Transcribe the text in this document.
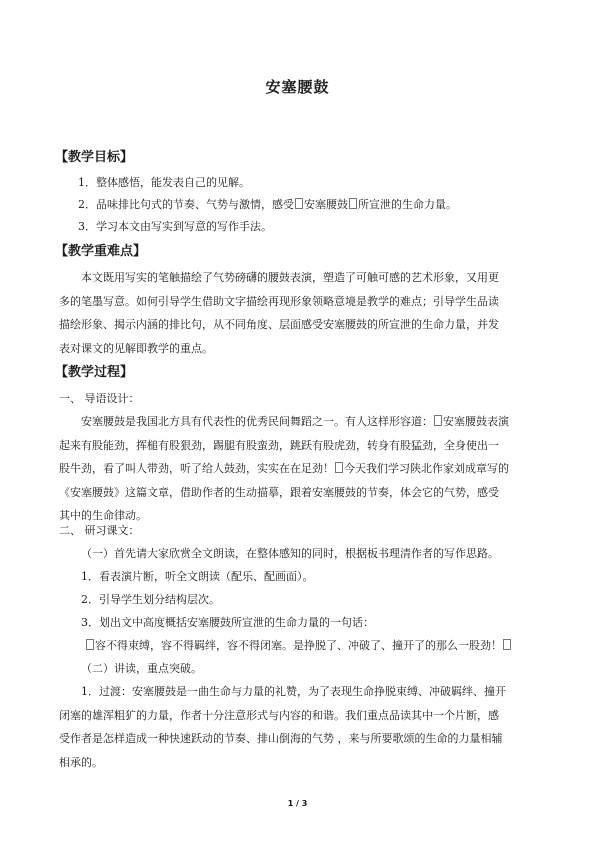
安塞腰鼓
【教学目标】
1．整体感悟，能发表自己的见解。
2．品味排比句式的节奏、气势与激情，感受 安塞腰鼓 所宣泄的生命力量。
3．学习本文由写实到写意的写作手法。
【教学重难点】
本文既用写实的笔触描绘了气势磅礴的腰鼓表演，塑造了可触可感的艺术形象，又用更
多的笔墨写意。如何引导学生借助文字描绘再现形象领略意境是教学的难点；引导学生品读
描绘形象、揭示内涵的排比句，从不同角度、层面感受安塞腰鼓的所宣泄的生命力量，并发
表对课文的见解即教学的重点。
【教学过程】
一、 导语设计：
安塞腰鼓是我国北方具有代表性的优秀民间舞蹈之一。有人这样形容道： 安塞腰鼓表演
起来有股能劲，挥槌有股狠劲，踢腿有股蛮劲，跳跃有股虎劲，转身有股猛劲，全身使出一
股牛劲，看了叫人带劲，听了给人鼓劲，实实在在足劲！ 今天我们学习陕北作家刘成章写的
《安塞腰鼓》这篇文章，借助作者的生动描摹，跟着安塞腰鼓的节奏，体会它的气势，感受
其中的生命律动。
二、 研习课文：
（一）首先请大家欣赏全文朗读，在整体感知的同时，根据板书理清作者的写作思路。
1．看表演片断，听全文朗读（配乐、配画面）。
2．引导学生划分结构层次。
3．划出文中高度概括安塞腰鼓所宣泄的生命力量的一句话：
容不得束缚，容不得羁绊，容不得闭塞。是挣脱了、冲破了、撞开了的那么一股劲！
（二）讲读，重点突破。
1．过渡：安塞腰鼓是一曲生命与力量的礼赞，为了表现生命挣脱束缚、冲破羁绊、撞开
闭塞的雄浑粗犷的力量，作者十分注意形式与内容的和谐。我们重点品读其中一个片断，感
受作者是怎样造成一种快速跃动的节奏、排山倒海的气势 ，来与所要歌颂的生命的力量相辅
相承的。
1 / 3
